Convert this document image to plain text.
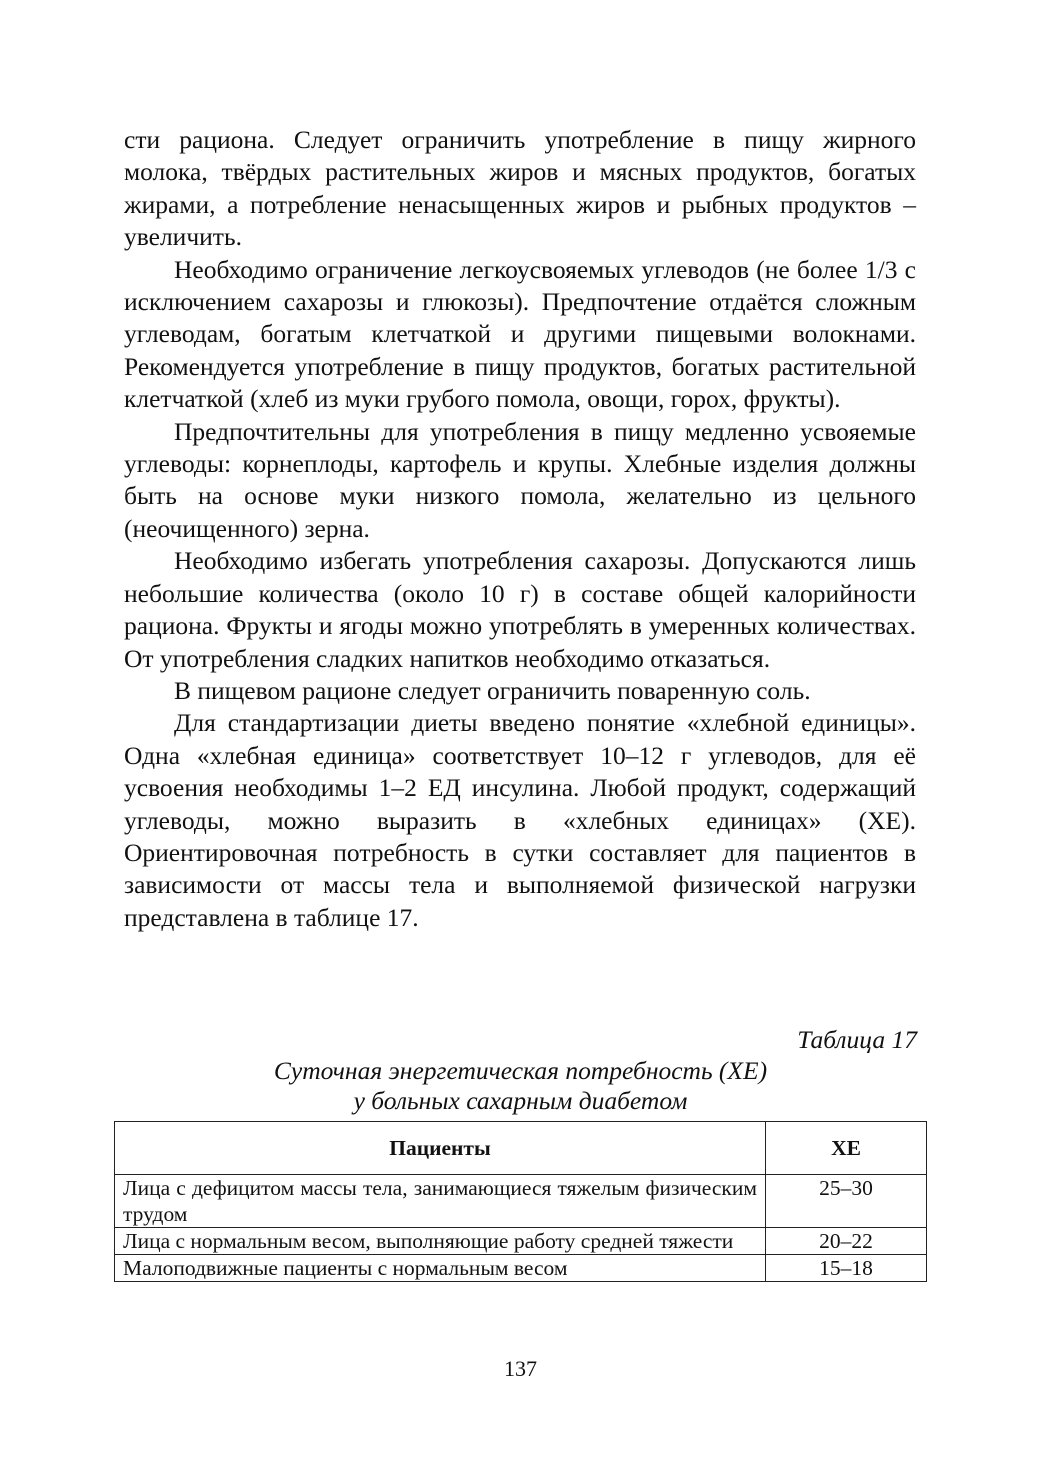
сти рациона. Следует ограничить употребление в пищу жирного молока, твёрдых растительных жиров и мясных продуктов, богатых жирами, а потребление ненасыщенных жиров и рыбных продуктов – увеличить.

Необходимо ограничение легкоусвояемых углеводов (не более 1/3 с исключением сахарозы и глюкозы). Предпочтение отдаётся сложным углеводам, богатым клетчаткой и другими пищевыми волокнами. Рекомендуется употребление в пищу продуктов, богатых растительной клетчаткой (хлеб из муки грубого помола, овощи, горох, фрукты).

Предпочтительны для употребления в пищу медленно усвояемые углеводы: корнеплоды, картофель и крупы. Хлебные изделия должны быть на основе муки низкого помола, желательно из цельного (неочищенного) зерна.

Необходимо избегать употребления сахарозы. Допускаются лишь небольшие количества (около 10 г) в составе общей калорийности рациона. Фрукты и ягоды можно употреблять в умеренных количествах. От употребления сладких напитков необходимо отказаться.

В пищевом рационе следует ограничить поваренную соль.

Для стандартизации диеты введено понятие «хлебной единицы». Одна «хлебная единица» соответствует 10–12 г углеводов, для её усвоения необходимы 1–2 ЕД инсулина. Любой продукт, содержащий углеводы, можно выразить в «хлебных единицах» (ХЕ). Ориентировочная потребность в сутки составляет для пациентов в зависимости от массы тела и выполняемой физической нагрузки представлена в таблице 17.

Таблица 17

Суточная энергетическая потребность (ХЕ)

у больных сахарным диабетом

Пациенты	ХЕ
Лица с дефицитом массы тела, занимающиеся тяжелым физическим трудом	25–30
Лица с нормальным весом, выполняющие работу средней тяжести	20–22
Малоподвижные пациенты с нормальным весом	15–18
137
